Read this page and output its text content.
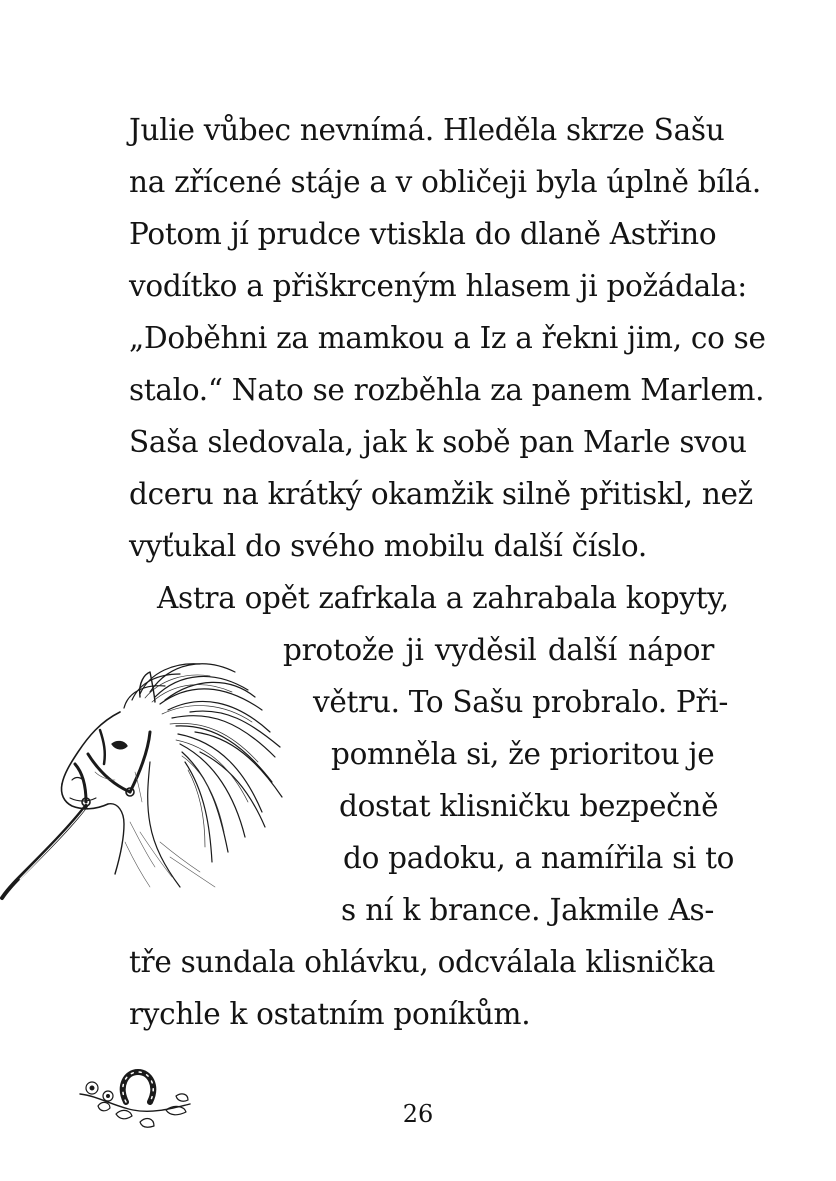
Julie vůbec nevnímá. Hleděla skrze Sašu
na zřícené stáje a v obličeji byla úplně bílá.
Potom jí prudce vtiskla do dlaně Astřino
vodítko a přiškrceným hlasem ji požádala:
„Doběhni za mamkou a Iz a řekni jim, co se
stalo.“ Nato se rozběhla za panem Marlem.
Saša sledovala, jak k sobě pan Marle svou
dceru na krátký okamžik silně přitiskl, než
vyťukal do svého mobilu další číslo.
Astra opět zafrkala a zahrabala kopyty,
protože ji vyděsil další nápor
větru. To Sašu probralo. Při-
pomněla si, že prioritou je
dostat klisničku bezpečně
do padoku, a namířila si to
s ní k brance. Jakmile As-
tře sundala ohlávku, odcválala klisnička
rychle k ostatním poníkům.
26
